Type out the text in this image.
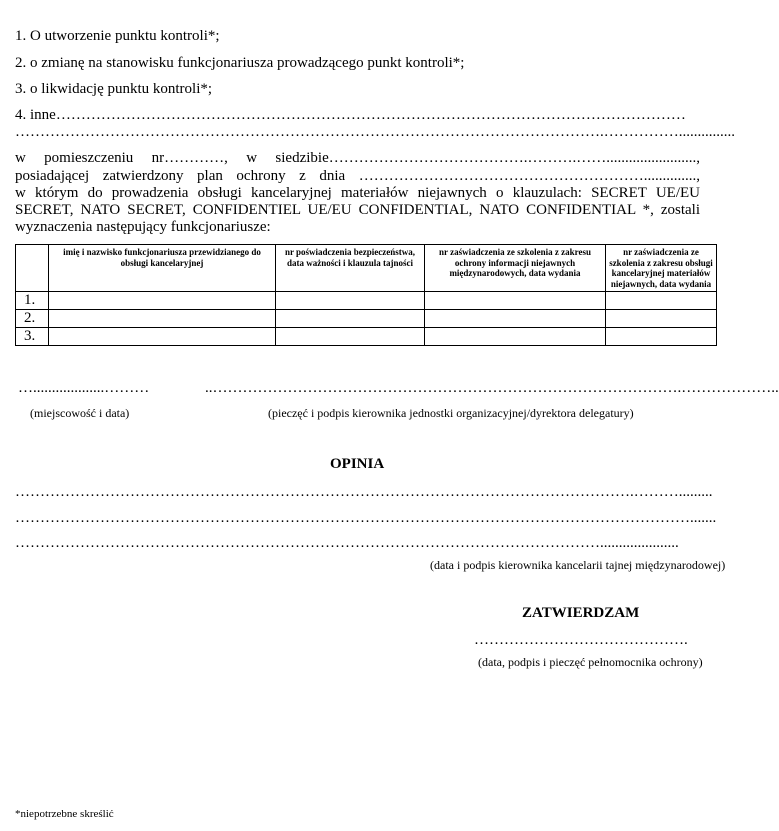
1. O utworzenie punktu kontroli*;
2. o zmianę na stanowisku funkcjonariusza prowadzącego punkt kontroli*;
3. o likwidację punktu kontroli*;
4. inne………………………………………………………………………………………………………………
……………………………………………………………………………………………………….……………...............
w pomieszczeniu nr…………, w siedzibie………………………………….……….……........................,
posiadającej zatwierdzony plan ochrony z dnia …………………………………………………..............,
w którym do prowadzenia obsługi kancelaryjnej materiałów niejawnych o klauzulach: SECRET UE/EU
SECRET, NATO SECRET, CONFIDENTIEL UE/EU CONFIDENTIAL, NATO CONFIDENTIAL *, zostali
wyznaczenia następujący funkcjonariusze:
	imię i nazwisko funkcjonariusza przewidzianego do obsługi kancelaryjnej	nr poświadczenia bezpieczeństwa, data ważności i klauzula tajności	nr zaświadczenia ze szkolenia z zakresu ochrony informacji niejawnych międzynarodowych, data wydania	nr zaświadczenia ze szkolenia z zakresu obsługi kancelaryjnej materiałów niejawnych, data wydania
1.				
2.				
3.				
…...................………	..………………………………………………………………………………….………………..
(miejscowość i data)	(pieczęć i podpis kierownika jednostki organizacyjnej/dyrektora delegatury)
OPINIA
…………………………………………………………………………………………………………….……….........
……………………………………………………………………………………………………………………….......
……………………………………………………………………………………………………….....................
(data i podpis kierownika kancelarii tajnej międzynarodowej)
ZATWIERDZAM
…………………………………….
(data, podpis i pieczęć pełnomocnika ochrony)
*niepotrzebne skreślić
